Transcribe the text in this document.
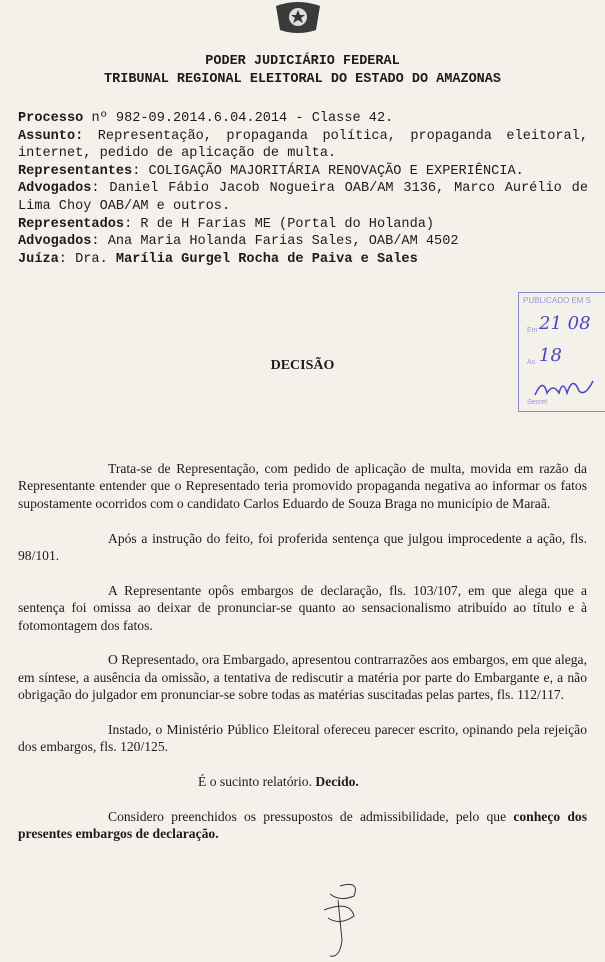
PODER JUDICIÁRIO FEDERAL
TRIBUNAL REGIONAL ELEITORAL DO ESTADO DO AMAZONAS

Processo nº 982-09.2014.6.04.2014 - Classe 42.

Assunto: Representação, propaganda política, propaganda eleitoral, internet, pedido de aplicação de multa.

Representantes: COLIGAÇÃO MAJORITÁRIA RENOVAÇÃO E EXPERIÊNCIA.

Advogados: Daniel Fábio Jacob Nogueira OAB/AM 3136, Marco Aurélio de Lima Choy OAB/AM e outros.

Representados: R de H Farias ME (Portal do Holanda)

Advogados: Ana Maria Holanda Farias Sales, OAB/AM 4502

Juíza: Dra. Marília Gurgel Rocha de Paiva e Sales

PUBLICADO EM S
Em 21 08
As 18
Secret
DECISÃO

Trata-se de Representação, com pedido de aplicação de multa, movida em razão da Representante entender que o Representado teria promovido propaganda negativa ao informar os fatos supostamente ocorridos com o candidato Carlos Eduardo de Souza Braga no município de Maraã.

Após a instrução do feito, foi proferida sentença que julgou improcedente a ação, fls. 98/101.

A Representante opôs embargos de declaração, fls. 103/107, em que alega que a sentença foi omissa ao deixar de pronunciar-se quanto ao sensacionalismo atribuído ao título e à fotomontagem dos fatos.

O Representado, ora Embargado, apresentou contrarrazões aos embargos, em que alega, em síntese, a ausência da omissão, a tentativa de rediscutir a matéria por parte do Embargante e, a não obrigação do julgador em pronunciar-se sobre todas as matérias suscitadas pelas partes, fls. 112/117.

Instado, o Ministério Público Eleitoral ofereceu parecer escrito, opinando pela rejeição dos embargos, fls. 120/125.

É o sucinto relatório. Decido.

Considero preenchidos os pressupostos de admissibilidade, pelo que conheço dos presentes embargos de declaração.
